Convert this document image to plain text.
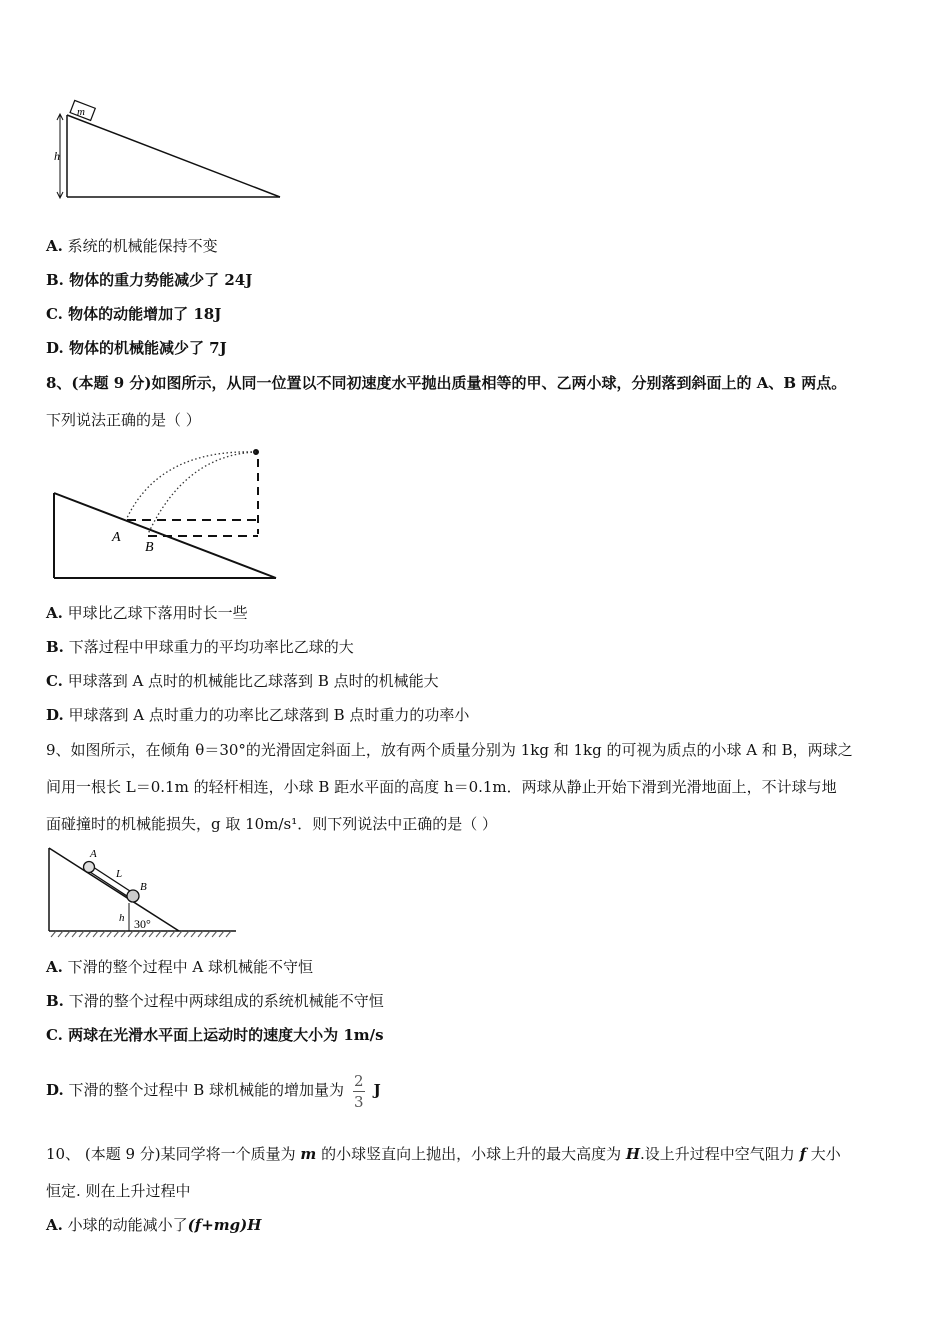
m
h
A. 系统的机械能保持不变
B. 物体的重力势能减少了 24J
C. 物体的动能增加了 18J
D. 物体的机械能减少了 7J
8、(本题 9 分)如图所示，从同一位置以不同初速度水平抛出质量相等的甲、乙两小球，分别落到斜面上的 A、B 两点。
下列说法正确的是（ ）
A
B
A. 甲球比乙球下落用时长一些
B. 下落过程中甲球重力的平均功率比乙球的大
C. 甲球落到 A 点时的机械能比乙球落到 B 点时的机械能大
D. 甲球落到 A 点时重力的功率比乙球落到 B 点时重力的功率小
9、如图所示，在倾角 θ＝30°的光滑固定斜面上，放有两个质量分别为 1kg 和 1kg 的可视为质点的小球 A 和 B，两球之
间用一根长 L＝0.1m 的轻杆相连，小球 B 距水平面的高度 h＝0.1m．两球从静止开始下滑到光滑地面上，不计球与地
面碰撞时的机械能损失，g 取 10m/s¹．则下列说法中正确的是（ ）
A
L
B
h 30°
A. 下滑的整个过程中 A 球机械能不守恒
B. 下滑的整个过程中两球组成的系统机械能不守恒
C. 两球在光滑水平面上运动时的速度大小为 1m/s
D. 下滑的整个过程中 B 球机械能的增加量为 $\frac{2}{3}$ J
10、 (本题 9 分)某同学将一个质量为 m 的小球竖直向上抛出，小球上升的最大高度为 H.设上升过程中空气阻力 f 大小
恒定. 则在上升过程中
A. 小球的动能减小了(f+mg)H
